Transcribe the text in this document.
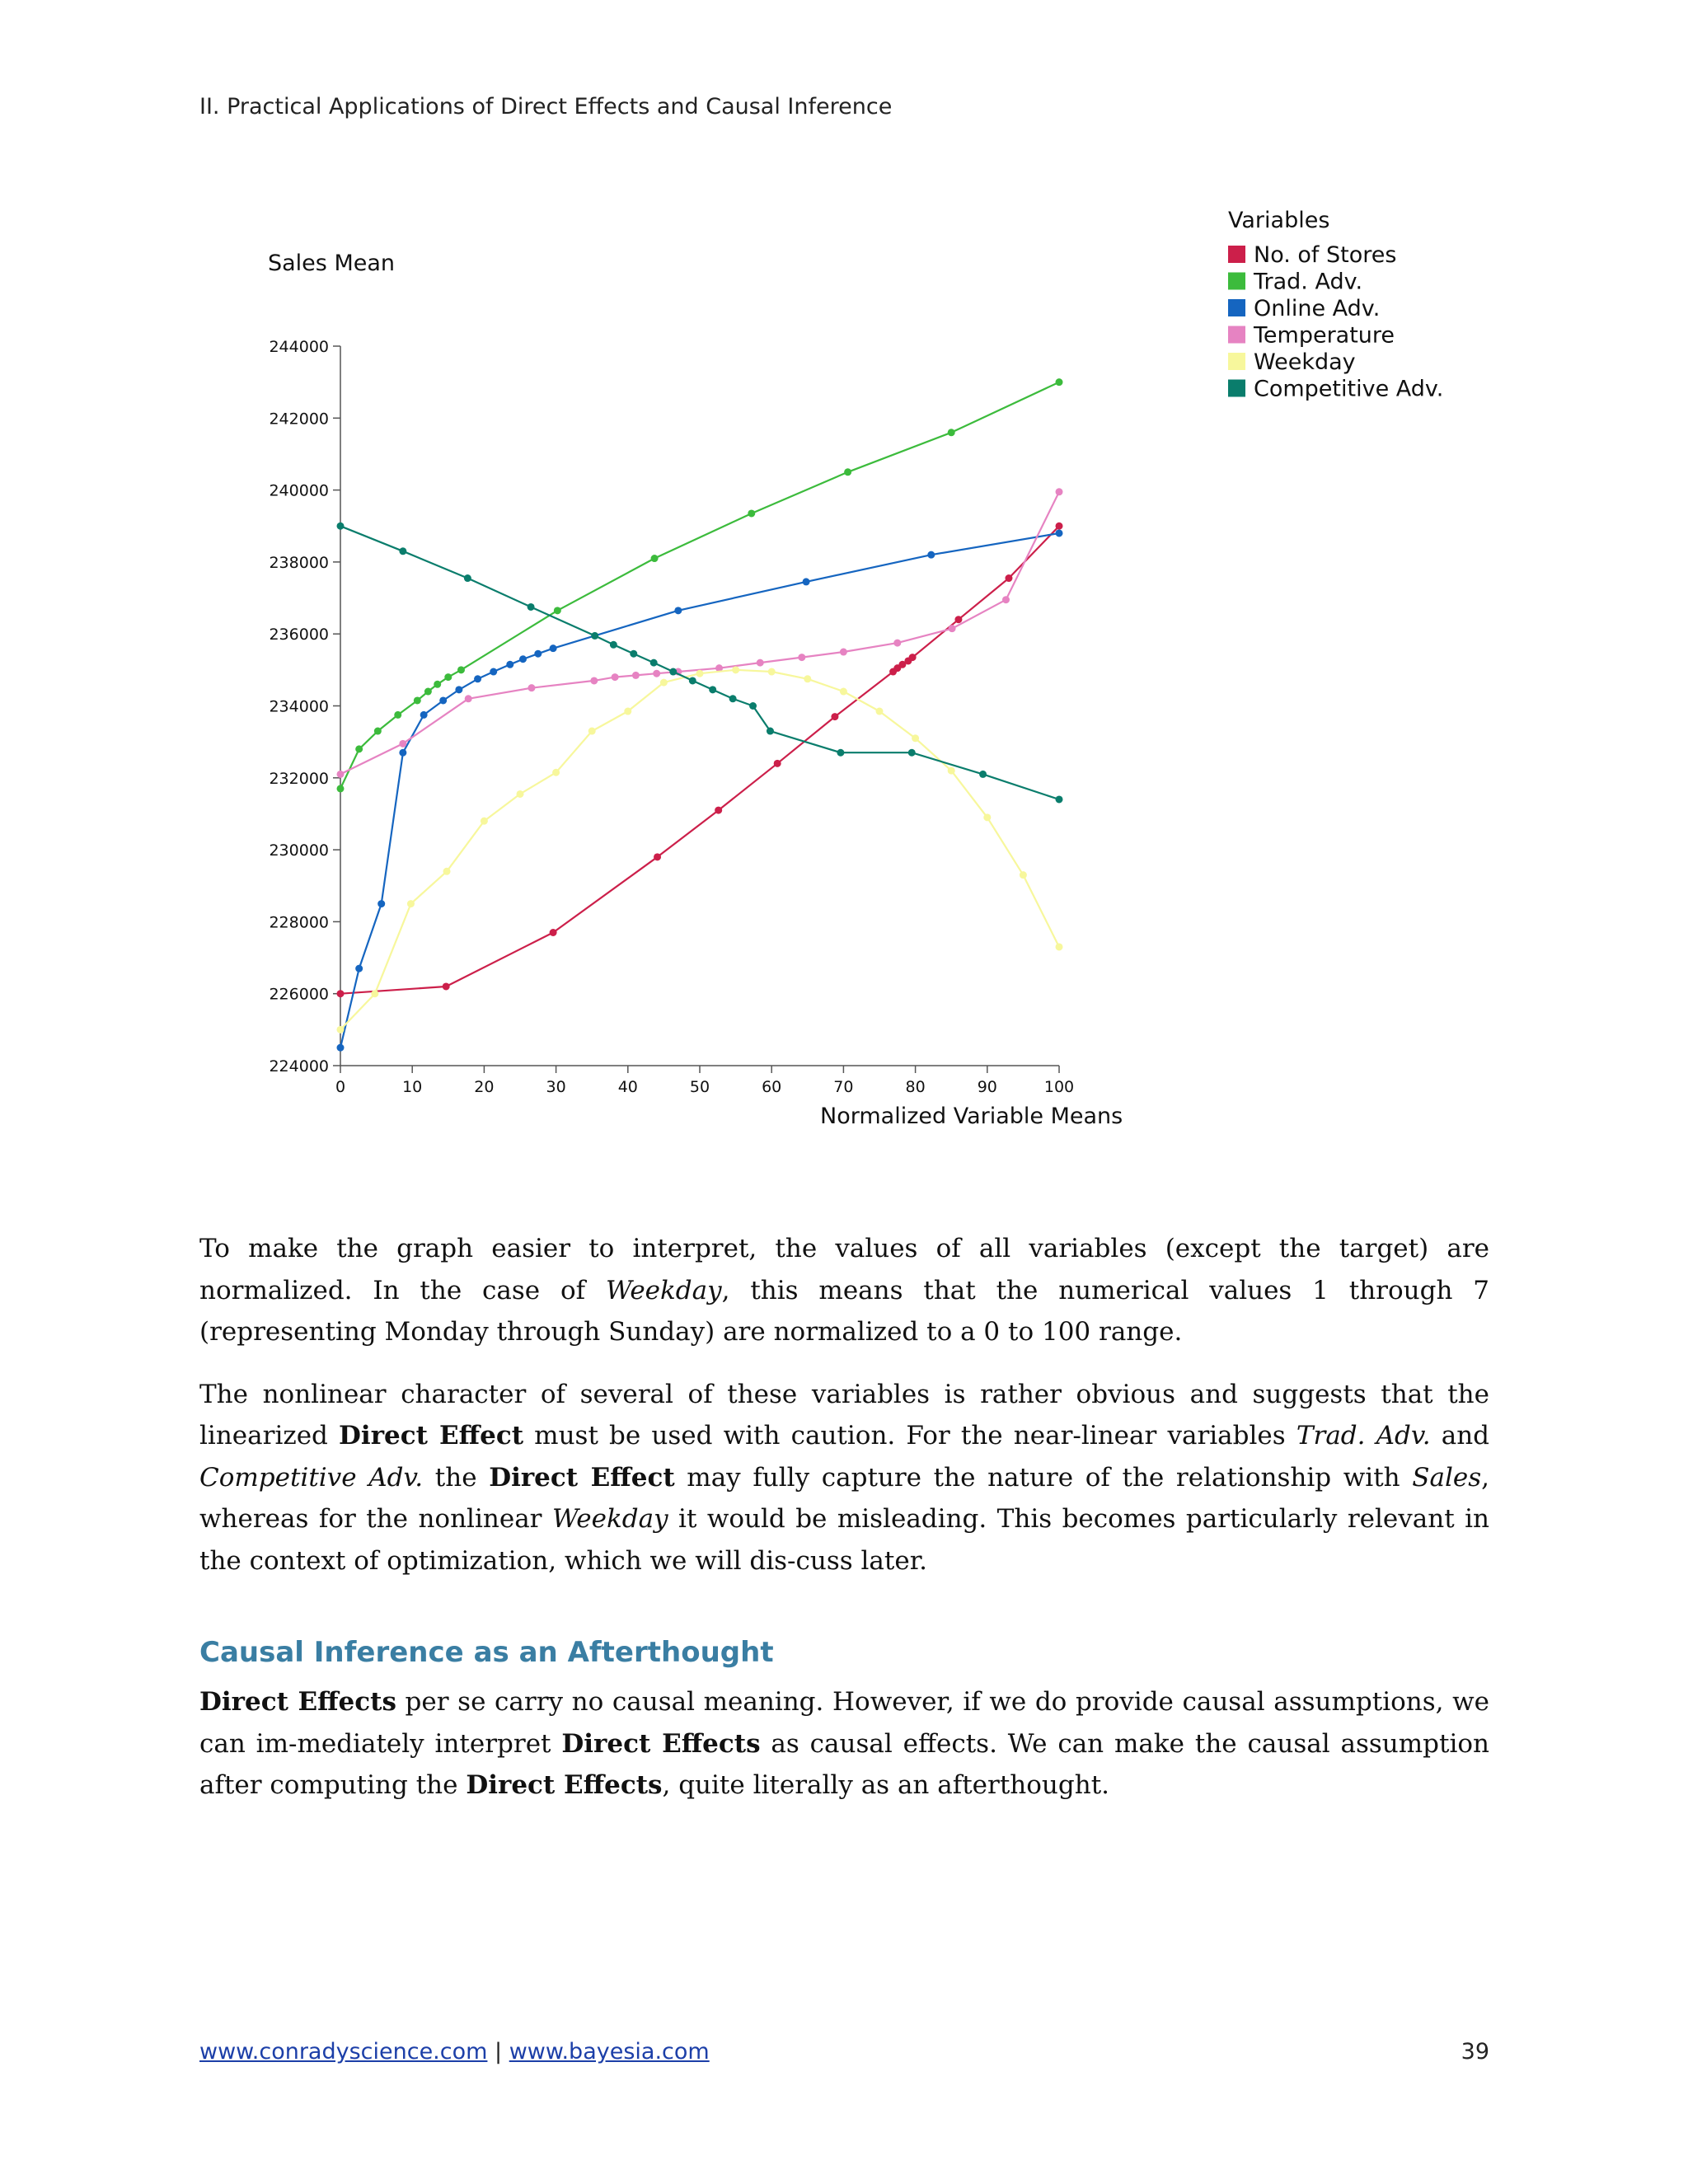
II. Practical Applications of Direct Effects and Causal Inference
Sales Mean
Normalized Variable Means
Variables
No. of Stores
Trad. Adv.
Online Adv.
Temperature
Weekday
Competitive Adv.
224000
226000
228000
230000
232000
234000
236000
238000
240000
242000
244000
0	10	20	30	40	50	60	70	80	90	100

To make the graph easier to interpret, the values of all variables (except the target) are normalized. In the case of Weekday, this means that the numerical values 1 through 7 (representing Monday through Sunday) are normalized to a 0 to 100 range.

The nonlinear character of several of these variables is rather obvious and suggests that the linearized Direct Effect must be used with caution. For the near-linear variables Trad. Adv. and Competitive Adv. the Direct Effect may fully capture the nature of the relationship with Sales, whereas for the nonlinear Weekday it would be misleading. This becomes particularly relevant in the context of optimization, which we will dis-cuss later.

Causal Inference as an Afterthought

Direct Effects per se carry no causal meaning. However, if we do provide causal assumptions, we can im-mediately interpret Direct Effects as causal effects. We can make the causal assumption after computing the Direct Effects, quite literally as an afterthought.

www.conradyscience.com | www.bayesia.com	39
